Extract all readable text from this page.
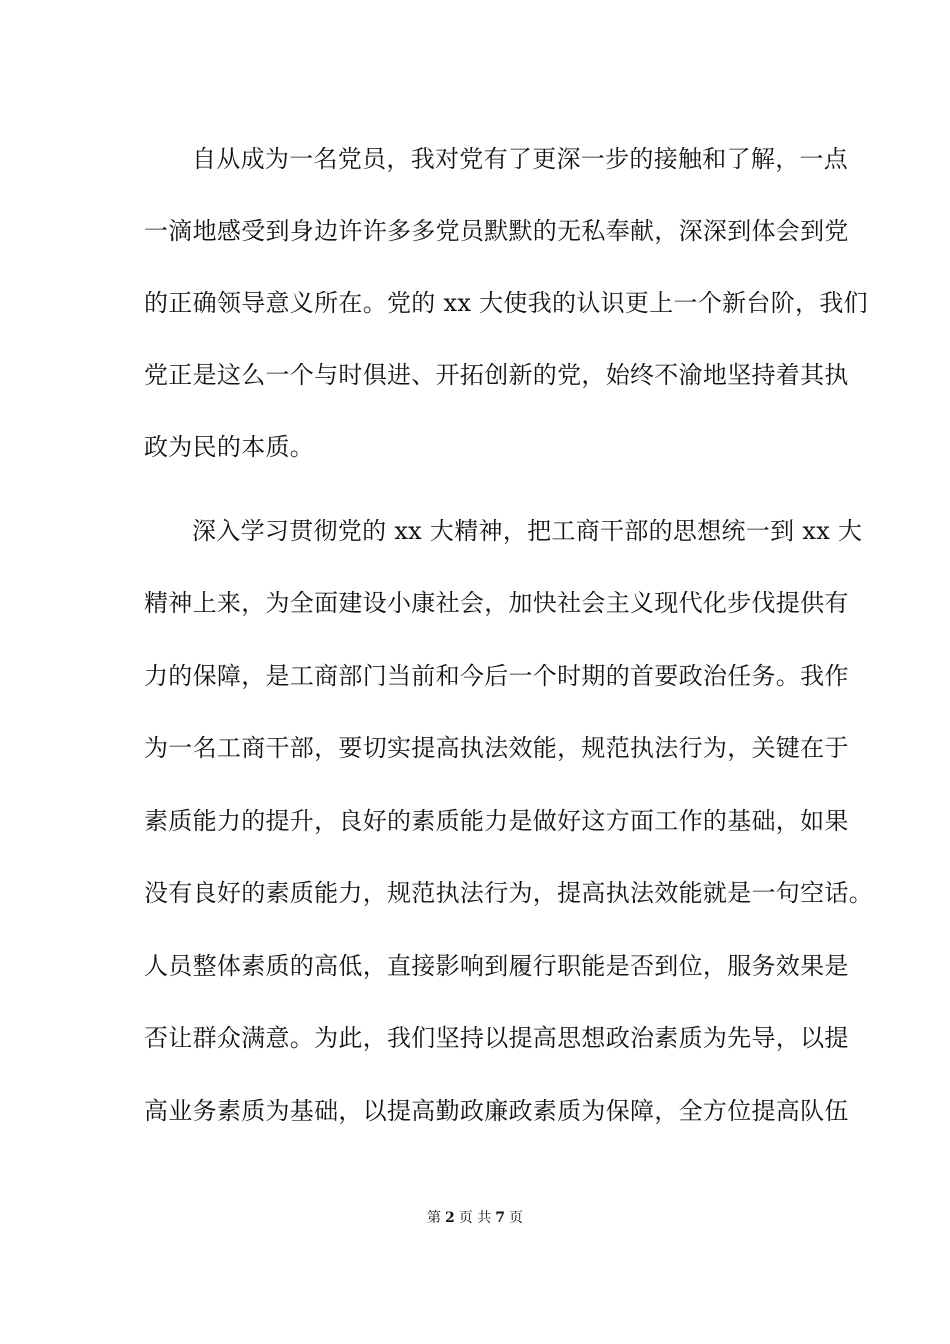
自从成为一名党员，我对党有了更深一步的接触和了解，一点
一滴地感受到身边许许多多党员默默的无私奉献，深深到体会到党
的正确领导意义所在。党的 xx 大使我的认识更上一个新台阶，我们
党正是这么一个与时俱进、开拓创新的党，始终不渝地坚持着其执
政为民的本质。
深入学习贯彻党的 xx 大精神，把工商干部的思想统一到 xx 大
精神上来，为全面建设小康社会，加快社会主义现代化步伐提供有
力的保障，是工商部门当前和今后一个时期的首要政治任务。我作
为一名工商干部，要切实提高执法效能，规范执法行为，关键在于
素质能力的提升，良好的素质能力是做好这方面工作的基础，如果
没有良好的素质能力，规范执法行为，提高执法效能就是一句空话。
人员整体素质的高低，直接影响到履行职能是否到位，服务效果是
否让群众满意。为此，我们坚持以提高思想政治素质为先导，以提
高业务素质为基础，以提高勤政廉政素质为保障，全方位提高队伍
第 2 页 共 7 页
